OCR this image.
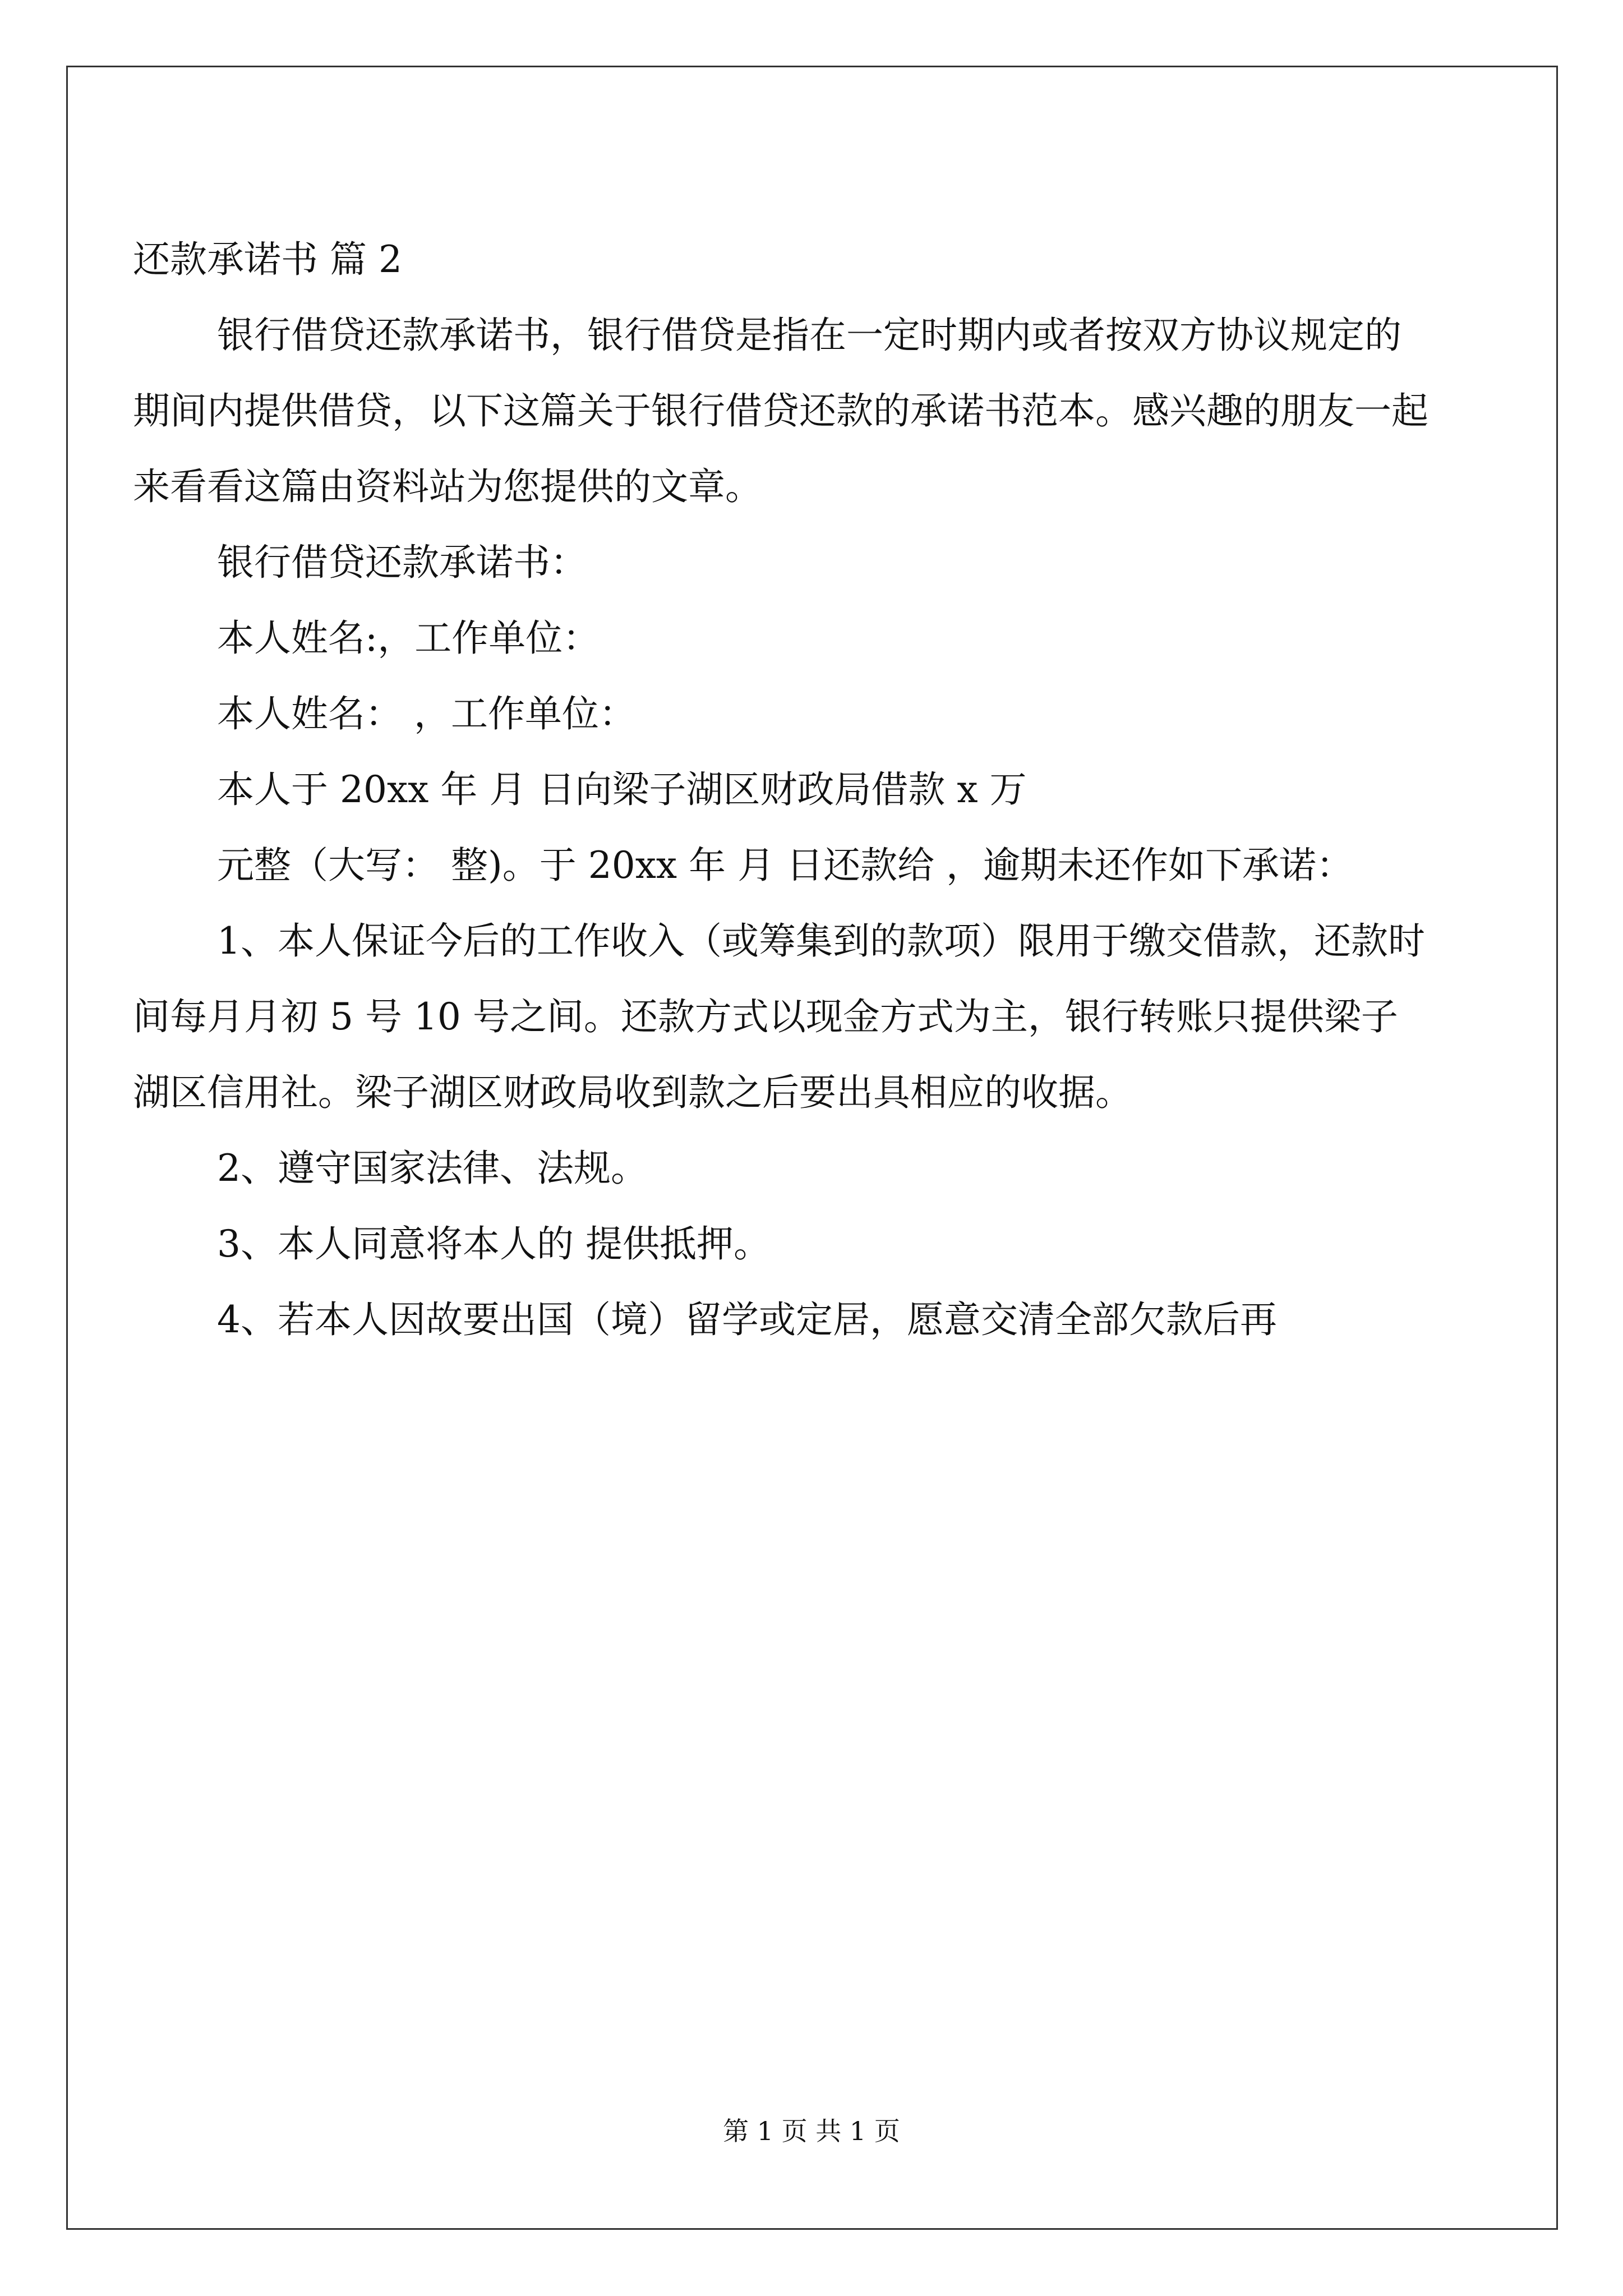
还款承诺书 篇 2

银行借贷还款承诺书，银行借贷是指在一定时期内或者按双方协议规定的期间内提供借贷，以下这篇关于银行借贷还款的承诺书范本。感兴趣的朋友一起来看看这篇由资料站为您提供的文章。

银行借贷还款承诺书：

本人姓名:，工作单位：

本人姓名： ，工作单位：

本人于 20xx 年 月 日向梁子湖区财政局借款 x 万

元整（大写： 整)。于 20xx 年 月 日还款给 ，逾期未还作如下承诺：

1、本人保证今后的工作收入（或筹集到的款项）限用于缴交借款，还款时间每月月初 5 号 10 号之间。还款方式以现金方式为主，银行转账只提供梁子湖区信用社。梁子湖区财政局收到款之后要出具相应的收据。

2、遵守国家法律、法规。

3、本人同意将本人的 提供抵押。

4、若本人因故要出国（境）留学或定居，愿意交清全部欠款后再

第 1 页 共 1 页
